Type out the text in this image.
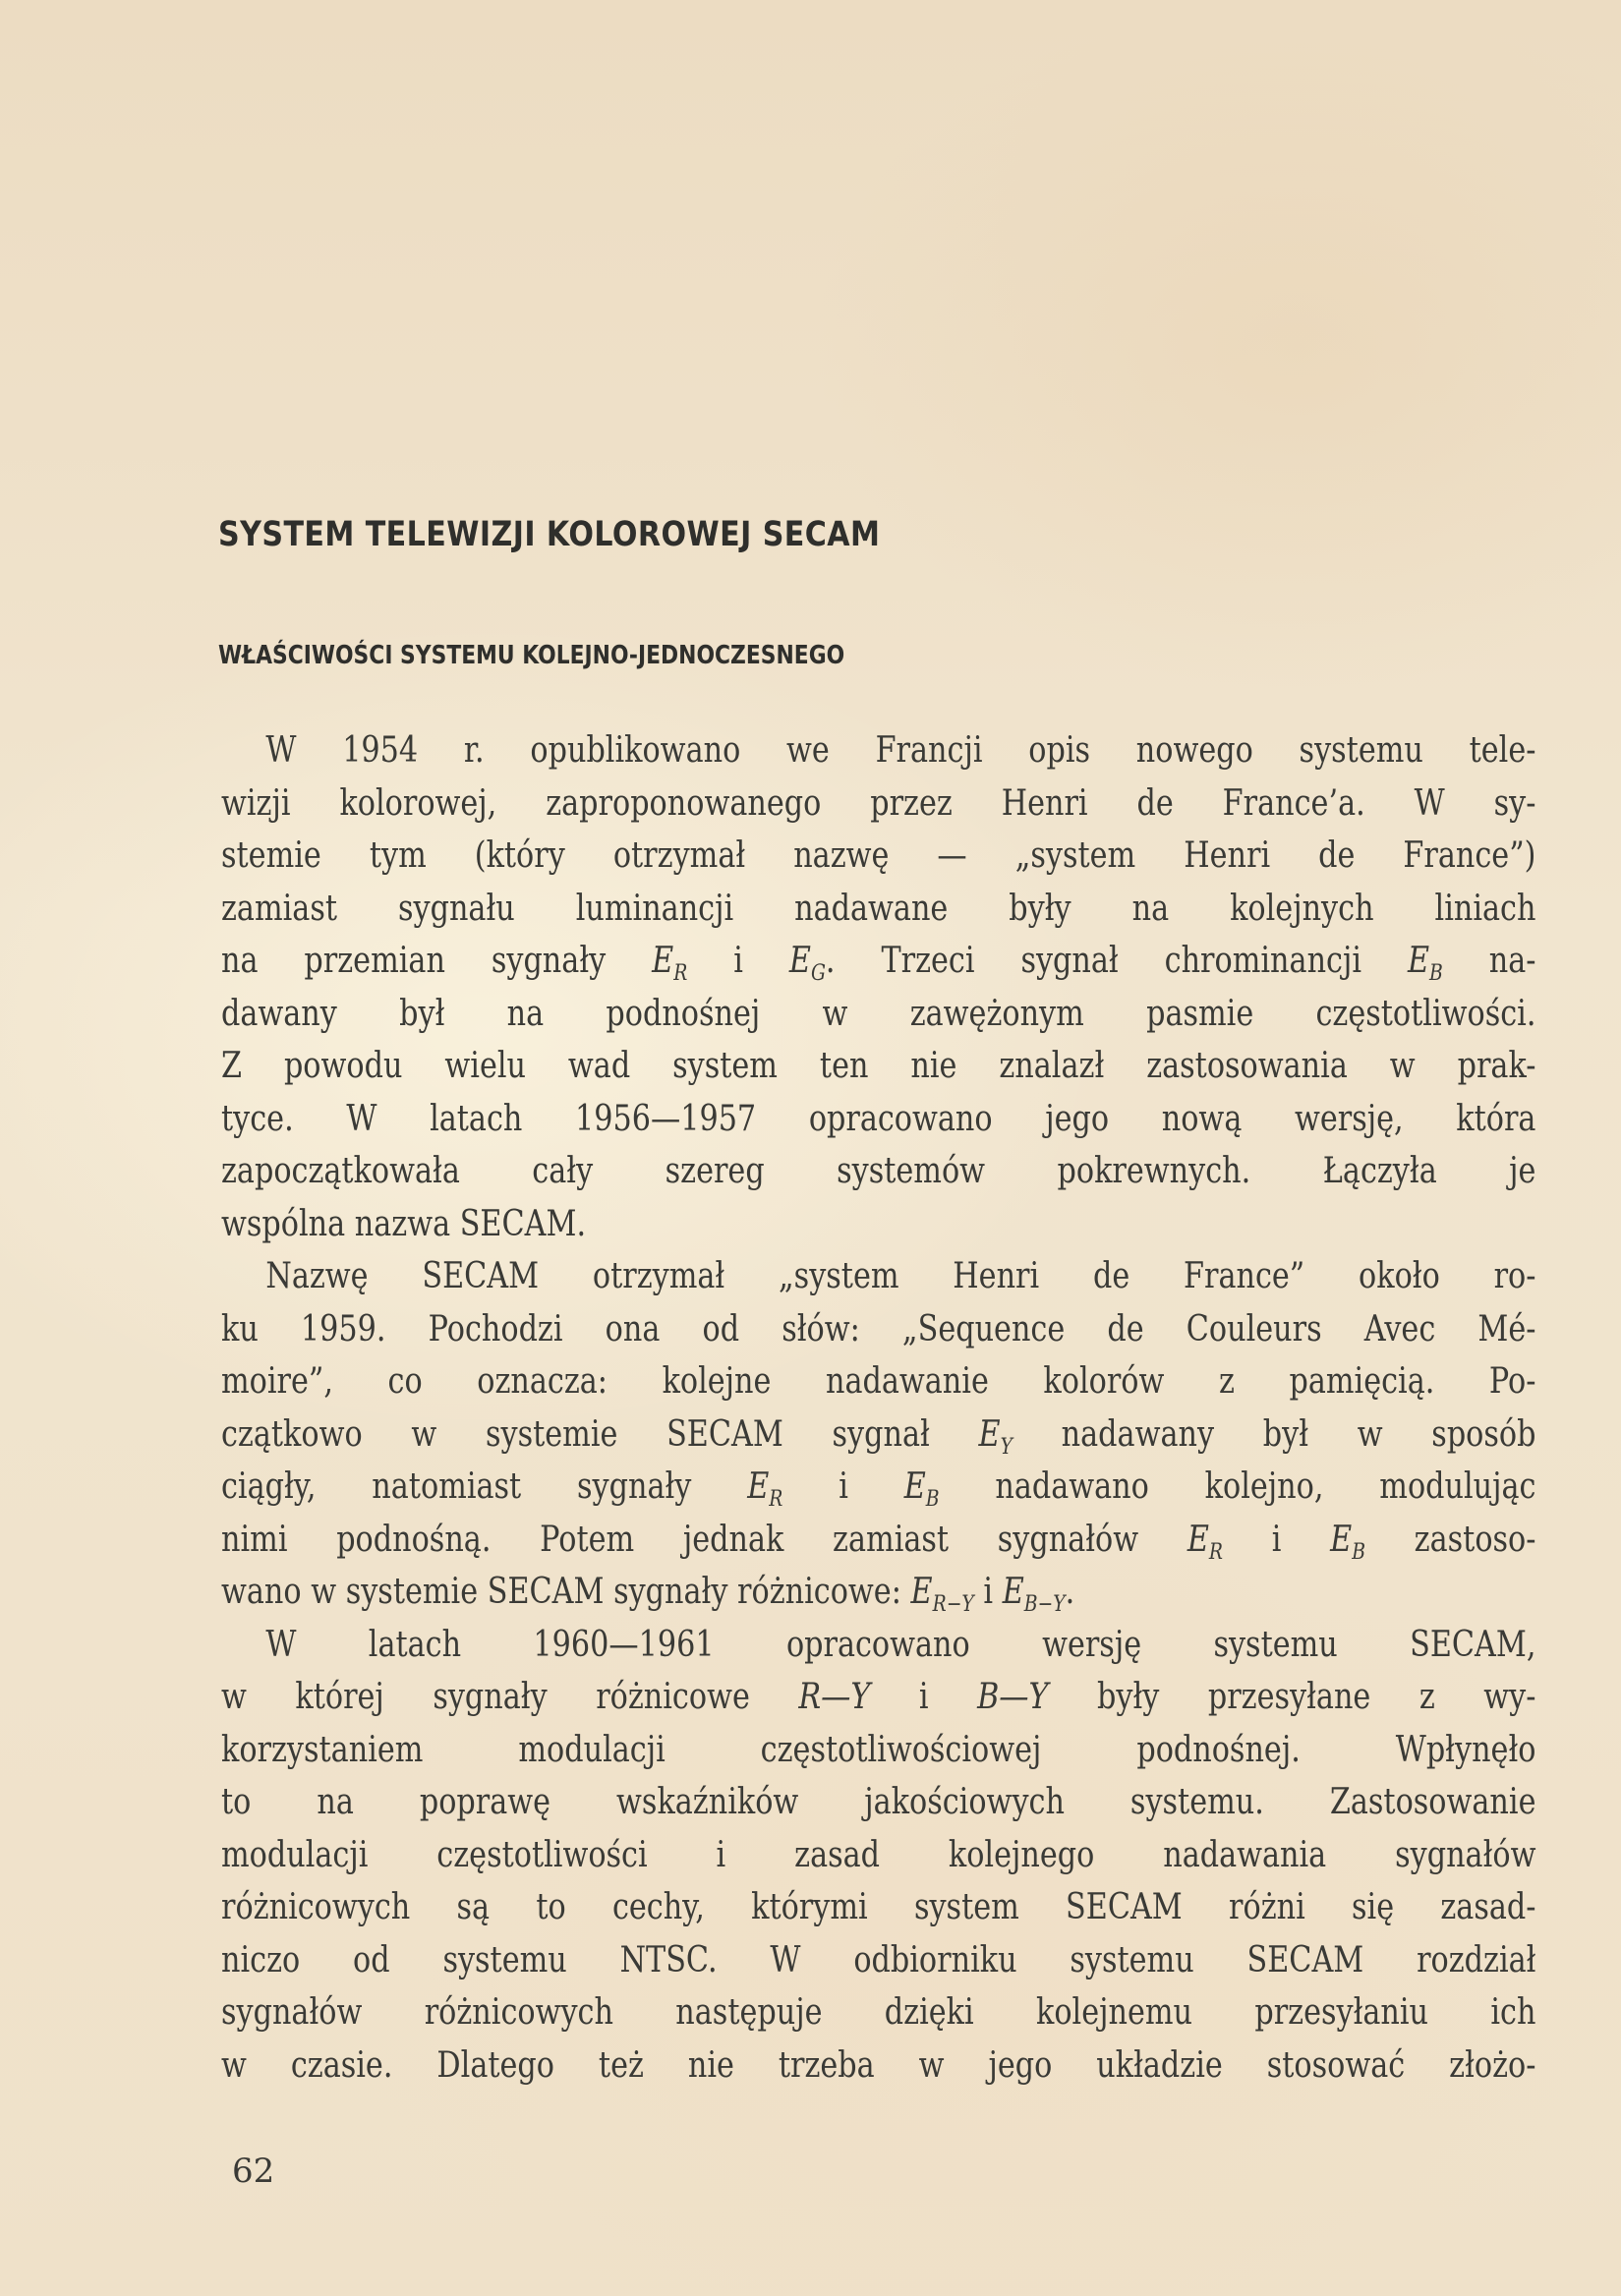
SYSTEM TELEWIZJI KOLOROWEJ SECAM
WŁAŚCIWOŚCI SYSTEMU KOLEJNO-JEDNOCZESNEGO
W 1954 r. opublikowano we Francji opis nowego systemu tele-
wizji kolorowej, zaproponowanego przez Henri de France’a. W sy-
stemie tym (który otrzymał nazwę — „system Henri de France”)
zamiast sygnału luminancji nadawane były na kolejnych liniach
na przemian sygnały $E_R$ i $E_G$. Trzeci sygnał chrominancji $E_B$ na-
dawany był na podnośnej w zawężonym pasmie częstotliwości.
Z powodu wielu wad system ten nie znalazł zastosowania w prak-
tyce. W latach 1956—1957 opracowano jego nową wersję, która
zapoczątkowała cały szereg systemów pokrewnych. Łączyła je
wspólna nazwa SECAM.
Nazwę SECAM otrzymał „system Henri de France” około ro-
ku 1959. Pochodzi ona od słów: „Sequence de Couleurs Avec Mé-
moire”, co oznacza: kolejne nadawanie kolorów z pamięcią. Po-
czątkowo w systemie SECAM sygnał $E_Y$ nadawany był w sposób
ciągły, natomiast sygnały $E_R$ i $E_B$ nadawano kolejno, modulując
nimi podnośną. Potem jednak zamiast sygnałów $E_R$ i $E_B$ zastoso-
wano w systemie SECAM sygnały różnicowe: $E_{R-Y}$ i $E_{B-Y}$.
W latach 1960—1961 opracowano wersję systemu SECAM,
w której sygnały różnicowe R—Y i B—Y były przesyłane z wy-
korzystaniem modulacji częstotliwościowej podnośnej. Wpłynęło
to na poprawę wskaźników jakościowych systemu. Zastosowanie
modulacji częstotliwości i zasad kolejnego nadawania sygnałów
różnicowych są to cechy, którymi system SECAM różni się zasad-
niczo od systemu NTSC. W odbiorniku systemu SECAM rozdział
sygnałów różnicowych następuje dzięki kolejnemu przesyłaniu ich
w czasie. Dlatego też nie trzeba w jego układzie stosować złożo-
62
